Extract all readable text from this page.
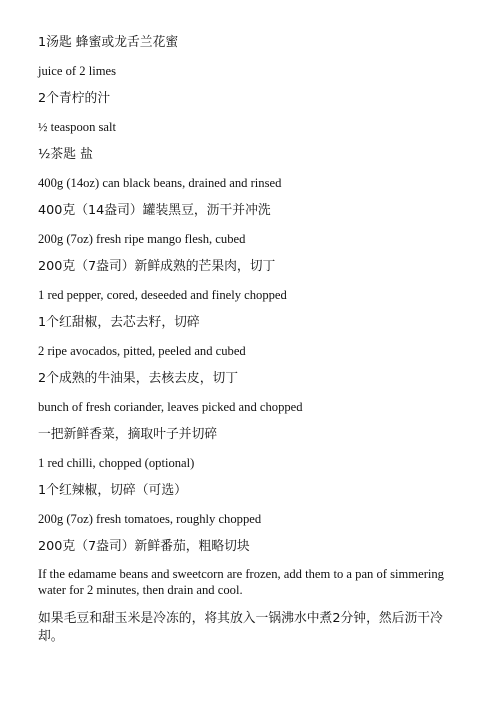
1汤匙 蜂蜜或龙舌兰花蜜

juice of 2 limes

2个青柠的汁

½ teaspoon salt

½茶匙 盐

400g (14oz) can black beans, drained and rinsed

400克（14盎司）罐装黑豆，沥干并冲洗

200g (7oz) fresh ripe mango flesh, cubed

200克（7盎司）新鲜成熟的芒果肉，切丁

1 red pepper, cored, deseeded and finely chopped

1个红甜椒，去芯去籽，切碎

2 ripe avocados, pitted, peeled and cubed

2个成熟的牛油果，去核去皮，切丁

bunch of fresh coriander, leaves picked and chopped

一把新鲜香菜，摘取叶子并切碎

1 red chilli, chopped (optional)

1个红辣椒，切碎（可选）

200g (7oz) fresh tomatoes, roughly chopped

200克（7盎司）新鲜番茄，粗略切块

If the edamame beans and sweetcorn are frozen, add them to a pan of simmering water for 2 minutes, then drain and cool.

如果毛豆和甜玉米是冷冻的，将其放入一锅沸水中煮2分钟，然后沥干冷却。
